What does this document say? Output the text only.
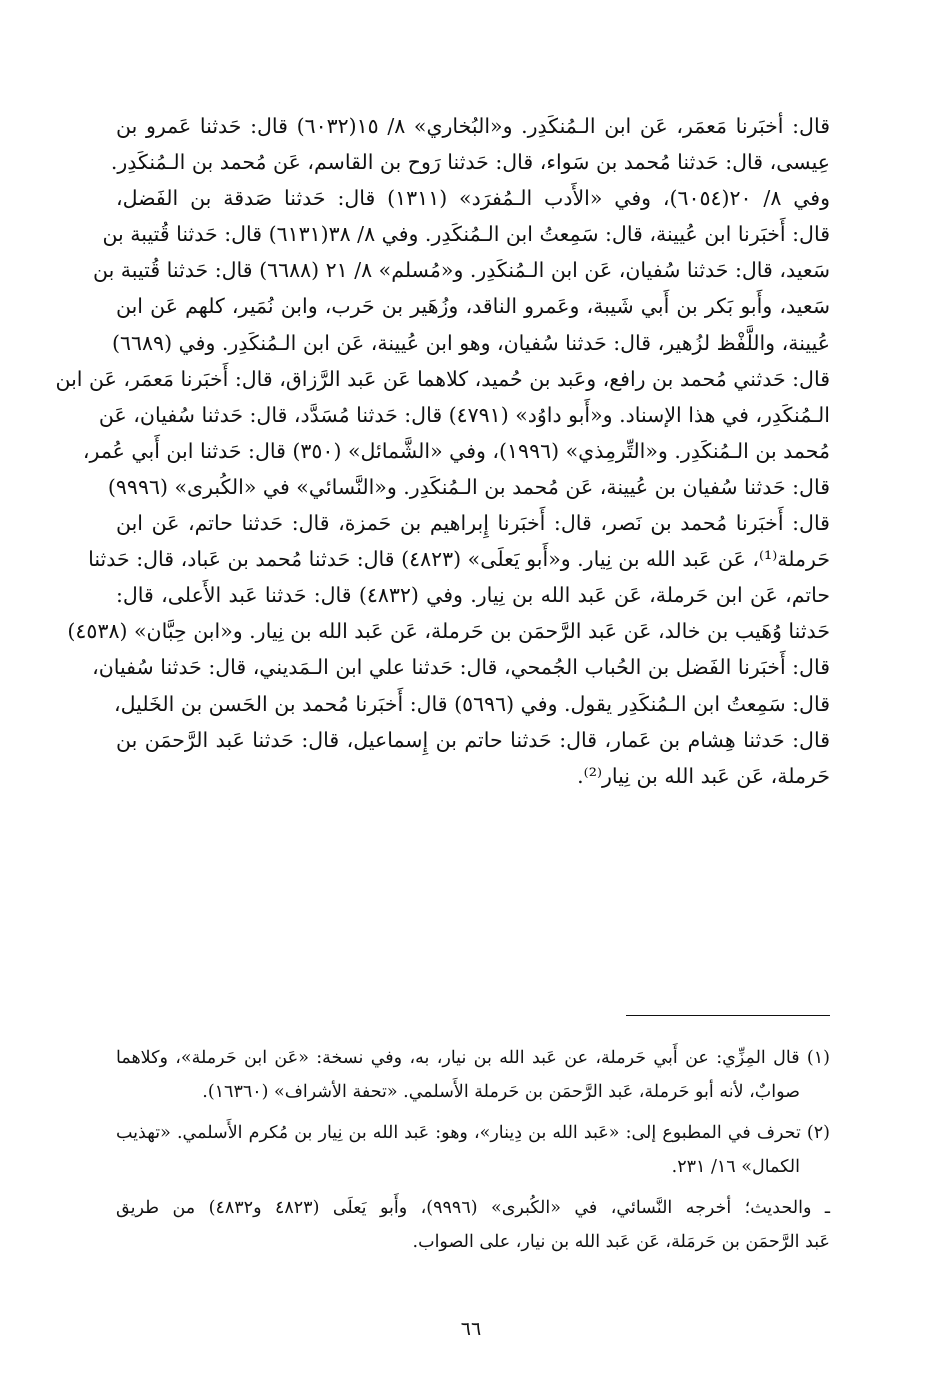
قال: أخبَرنا مَعمَر، عَن ابن الـمُنكَدِر. و«البُخاري» ٨/ ١٥(٦٠٣٢) قال: حَدثنا عَمرو بن
عِيسى، قال: حَدثنا مُحمد بن سَواء، قال: حَدثنا رَوح بن القاسم، عَن مُحمد بن الـمُنكَدِر.
وفي ٨/ ٢٠(٦٠٥٤)، وفي «الأَدب الـمُفرَد» (١٣١١) قال: حَدثنا صَدقة بن الفَضل،
قال: أَخبَرنا ابن عُيينة، قال: سَمِعتُ ابن الـمُنكَدِر. وفي ٨/ ٣٨(٦١٣١) قال: حَدثنا قُتيبة بن
سَعيد، قال: حَدثنا سُفيان، عَن ابن الـمُنكَدِر. و«مُسلم» ٨/ ٢١ (٦٦٨٨) قال: حَدثنا قُتيبة بن
سَعيد، وأَبو بَكر بن أَبي شَيبة، وعَمرو الناقد، وزُهَير بن حَرب، وابن نُمَير، كلهم عَن ابن
عُيينة، واللَّفْظ لزُهير، قال: حَدثنا سُفيان، وهو ابن عُيينة، عَن ابن الـمُنكَدِر. وفي (٦٦٨٩)
قال: حَدثني مُحمد بن رافع، وعَبد بن حُميد، كلاهما عَن عَبد الرَّزاق، قال: أَخبَرنا مَعمَر، عَن ابن
الـمُنكَدِر، في هذا الإسناد. و«أَبو داوُد» (٤٧٩١) قال: حَدثنا مُسَدَّد، قال: حَدثنا سُفيان، عَن
مُحمد بن الـمُنكَدِر. و«التِّرمِذي» (١٩٩٦)، وفي «الشَّمائل» (٣٥٠) قال: حَدثنا ابن أَبي عُمر،
قال: حَدثنا سُفيان بن عُيينة، عَن مُحمد بن الـمُنكَدِر. و«النَّسائي» في «الكُبرى» (٩٩٩٦)
قال: أَخبَرنا مُحمد بن نَصر، قال: أَخبَرنا إِبراهيم بن حَمزة، قال: حَدثنا حاتم، عَن ابن
حَرملة⁽¹⁾، عَن عَبد الله بن نِيار. و«أَبو يَعلَى» (٤٨٢٣) قال: حَدثنا مُحمد بن عَباد، قال: حَدثنا
حاتم، عَن ابن حَرملة، عَن عَبد الله بن نِيار. وفي (٤٨٣٢) قال: حَدثنا عَبد الأَعلى، قال:
حَدثنا وُهَيب بن خالد، عَن عَبد الرَّحمَن بن حَرملة، عَن عَبد الله بن نِيار. و«ابن حِبَّان» (٤٥٣٨)
قال: أَخبَرنا الفَضل بن الحُباب الجُمحي، قال: حَدثنا علي ابن الـمَديني، قال: حَدثنا سُفيان،
قال: سَمِعتُ ابن الـمُنكَدِر يقول. وفي (٥٦٩٦) قال: أَخبَرنا مُحمد بن الحَسن بن الخَليل،
قال: حَدثنا هِشام بن عَمار، قال: حَدثنا حاتم بن إِسماعيل، قال: حَدثنا عَبد الرَّحمَن بن
حَرملة، عَن عَبد الله بن نِيار⁽²⁾.
(١) قال المِزِّي: عن أَبي حَرملة، عن عَبد الله بن نيار، به، وفي نسخة: «عَن ابن حَرملة»، وكلاهما
صوابٌ، لأنه أبو حَرملة، عَبد الرَّحمَن بن حَرملة الأَسلمي. «تحفة الأشراف» (١٦٣٦٠).
(٢) تحرف في المطبوع إلى: «عَبد الله بن دِينار»، وهو: عَبد الله بن نِيار بن مُكرم الأَسلمي. «تهذيب
الكمال» ١٦/ ٢٣١.
ـ والحديث؛ أخرجه النَّسائي، في «الكُبرى» (٩٩٩٦)، وأَبو يَعلَى (٤٨٢٣ و٤٨٣٢) من طريق
عَبد الرَّحمَن بن حَرمَلة، عَن عَبد الله بن نيار، على الصواب.
٦٦
